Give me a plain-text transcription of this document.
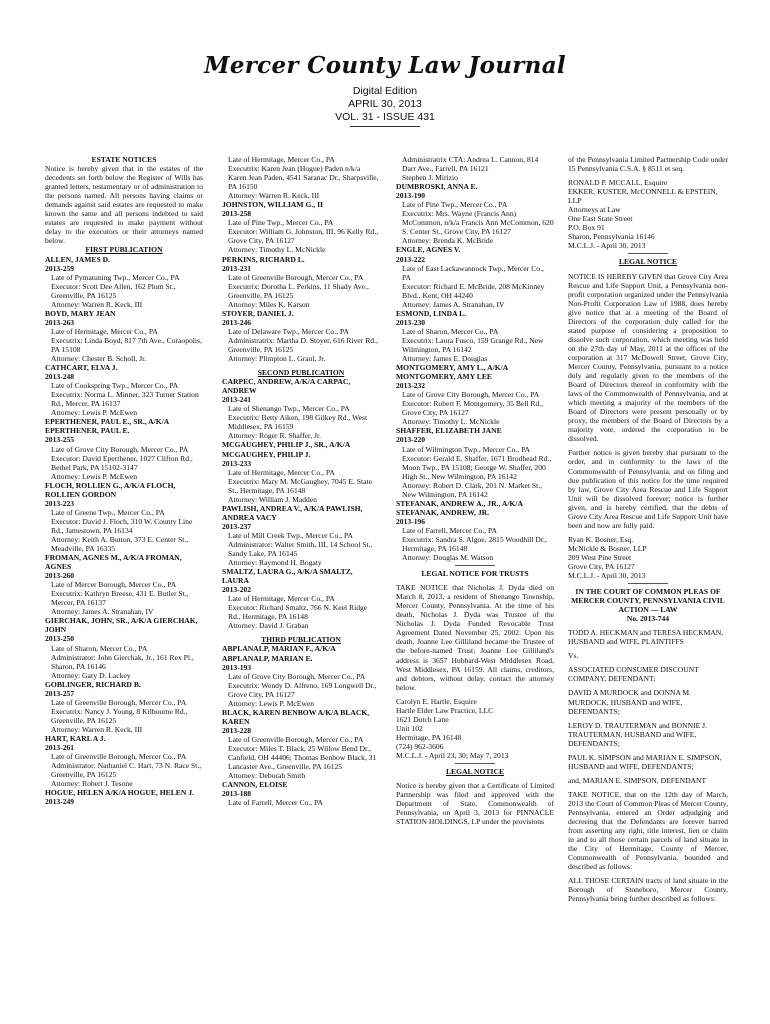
Mercer County Law Journal
Digital Edition
APRIL 30, 2013
VOL. 31 - ISSUE 431

ESTATE NOTICES

Notice is hereby given that in the estates of the decedents set forth below the Register of Wills has granted letters, testamentary or of administration to the persons named. All persons having claims or demands against said estates are requested to make known the same and all persons indebted to said estates are requested to make payment without delay to the executors or their attorneys named below.

FIRST PUBLICATION

ALLEN, JAMES D.

2013-259

Late of Pymatuning Twp., Mercer Co., PA

Executor: Scott Dee Allen, 162 Plum St., Greenville, PA 16125

Attorney: Warren R. Keck, III

BOYD, MARY JEAN

2013-263

Late of Hermitage, Mercer Co., PA

Executrix: Linda Boyd, 817 7th Ave., Coraopolis, PA 15108

Attorney: Chester B. Scholl, Jr.

CATHCART, ELVA J.

2013-248

Late of Cookspring Twp., Mercer Co., PA

Executrix: Norma L. Minner, 323 Turner Station Rd., Mercer, PA 16137

Attorney: Lewis P. McEwen

EPERTHENER, PAUL E., SR., A/K/A EPERTHENER, PAUL E.

2013-255

Late of Grove City Borough, Mercer Co., PA

Executor: David Eperthener, 1027 Clifton Rd., Bethel Park, PA 15102-3147

Attorney: Lewis P. McEwen

FLOCH, ROLLIEN G., A/K/A FLOCH, ROLLIEN GORDON

2013-223

Late of Greene Twp., Mercer Co., PA

Executor: David J. Floch, 310 W. County Line Rd., Jamestown, PA 16134

Attorney: Keith A. Button, 373 E. Center St., Meadville, PA 16335

FROMAN, AGNES M., A/K/A FROMAN, AGNES

2013-260

Late of Mercer Borough, Mercer Co., PA

Executrix: Kathryn Breese, 431 E. Butler St., Mercer, PA 16137

Attorney: James A. Stranahan, IV

GIERCHAK, JOHN, SR., A/K/A GIERCHAK, JOHN

2013-250

Late of Sharon, Mercer Co., PA

Administrator: John Gierchak, Jr., 161 Rex Pl., Sharon, PA 16146

Attorney: Gary D. Lackey

GOBLINGER, RICHARD B.

2013-257

Late of Greenville Borough, Mercer Co., PA

Executrix: Nancy J. Young, 8 Kilbourne Rd., Greenville, PA 16125

Attorney: Warren R. Keck, III

HART, KARL A J.

2013-261

Late of Greenville Borough, Mercer Co., PA

Administrator: Nathaniel C. Hart, 73 N. Race St., Greenville, PA 16125

Attorney: Robert J. Tesone

HOGUE, HELEN A/K/A HOGUE, HELEN J.

2013-249

Late of Hermitage, Mercer Co., PA

Executrix: Karen Jean (Hogue) Paden n/k/a Karen Jean Paden, 4541 Saranac Dr., Sharpsville, PA 16150

Attorney: Warren R. Keck, III

JOHNSTON, WILLIAM G., II

2013-258

Late of Pine Twp., Mercer Co., PA

Executor: William G. Johnston, III, 96 Kelly Rd., Grove City, PA 16127

Attorney: Timothy L. McNickle

PERKINS, RICHARD L.

2013-231

Late of Greenville Borough, Mercer Co., PA

Executrix: Dorotha L. Perkins, 11 Shady Ave., Greenville, PA 16125

Attorney: Miles K. Karson

STOYER, DANIEL J.

2013-246

Late of Delaware Twp., Mercer Co., PA

Administratrix: Martha D. Stoyer, 616 River Rd., Greenville, PA 16125

Attorney: Plimpton L. Graul, Jr.

SECOND PUBLICATION

CARPEC, ANDREW, A/K/A CARPAC, ANDREW

2013-241

Late of Shenango Twp., Mercer Co., PA

Executrix: Betty Aiken, 198 Gilkey Rd., West Middlesex, PA 16159

Attorney: Roger R. Shaffer, Jr.

MCGAUGHEY, PHILIP J., SR., A/K/A MCGAUGHEY, PHILIP J.

2013-233

Late of Hermitage, Mercer Co., PA

Executrix: Mary M. McGaughey, 7045 E. State St., Hermitage, PA 16148

Attorney: William J. Madden

PAWLISH, ANDREA V., A/K/A PAWLISH, ANDREA VACY

2013-237

Late of Mill Creek Twp., Mercer Co., PA

Administrator: Walter Smith, III, 14 School St., Sandy Lake, PA 16145

Attorney: Raymond H. Bogaty

SMALTZ, LAURA G., A/K/A SMALTZ, LAURA

2013-202

Late of Hermitage, Mercer Co., PA

Executor: Richard Smaltz, 766 N. Keel Ridge Rd., Hermitage, PA 16148

Attorney: David J. Graban

THIRD PUBLICATION

ABPLANALP, MARIAN F., A/K/A ABPLANALP, MARIAN E.

2013-193

Late of Grove City Borough, Mercer Co., PA

Executrix: Wendy D. Alfreno, 169 Longwell Dr., Grove City, PA 16127

Attorney: Lewis P. McEwen

BLACK, KAREN BENBOW A/K/A BLACK, KAREN

2013-228

Late of Greenville Borough, Mercer Co., PA

Executor: Miles T. Black, 25 Willow Bend Dr., Canfield, OH 44406; Thomas Benbow Black, 31 Lancaster Ave., Greenville, PA 16125

Attorney: Deborah Smith

CANNON, ELOISE

2013-188

Late of Farrell, Mercer Co., PA

Administratrix CTA: Andrea L. Cannon, 814 Darr Ave., Farrell, PA 16121

Stephen J. Mirizio

DUMBROSKI, ANNA E.

2013-190

Late of Pine Twp., Mercer Co., PA

Executrix: Mrs. Wayne (Francis Ann) McCommon, n/k/a Francis Ann McCommon, 620 S. Center St., Grove City, PA 16127

Attorney: Brenda K. McBride

ENGLE, AGNES V.

2013-222

Late of East Lackawannock Twp., Mercer Co., PA

Executor: Richard E. McBride, 208 McKinney Blvd., Kent, OH 44240

Attorney: James A. Stranahan, IV

ESMOND, LINDA L.

2013-230

Late of Sharon, Mercer Co., PA

Executrix: Laura Fusco, 159 Grange Rd., New Wilmington, PA 16142

Attorney: James E. Douglas

MONTGOMERY, AMY L., A/K/A MONTGOMERY, AMY LEE

2013-232

Late of Grove City Borough, Mercer Co., PA

Executor: Robert F. Montgomery, 35 Bell Rd., Grove City, PA 16127

Attorney: Timothy L. McNickle

SHAFFER, ELIZABETH JANE

2013-220

Late of Wilmington Twp., Mercer Co., PA

Executor: Gerald E. Shaffer, 1671 Brodhead Rd., Moon Twp., PA 15108; George W. Shaffer, 200 High St., New Wilmington, PA 16142

Attorney: Robert D. Clark, 201 N. Market St., New Wilmington, PA 16142

STEFANAK, ANDREW A., JR., A/K/A STEFANAK, ANDREW, JR.

2013-196

Late of Farrell, Mercer Co., PA

Executrix: Sandra S. Algoe, 2815 Woodhill Dr., Hermitage, PA 16148

Attorney: Douglas M. Watson

LEGAL NOTICE FOR TRUSTS

TAKE NOTICE that Nicholas J. Dyda died on March 8, 2013, a resident of Shenango Township, Mercer County, Pennsylvania. At the time of his death, Nicholas J. Dyda was Trustee of the Nicholas J. Dyda Funded Revocable Trust Agreement Dated November 25, 2002. Upon his death, Joanne Lee Gilliland became the Trustee of the before-named Trust; Joanne Lee Gilliland's address is 3657 Hubbard-West Middlesex Road, West Middlesex, PA 16159. All claims, creditors, and debtors, without delay, contact the attorney below.

Carolyn E. Hartle, Esquire

Hartle Elder Law Practice, LLC

1621 Dutch Lane

Unit 102

Hermitage, PA 16148

(724) 962-3606

M.C.L.J. - April 23, 30; May 7, 2013

LEGAL NOTICE

Notice is hereby given that a Certificate of Limited Partnership was filed and approved with the Department of State, Commonwealth of Pennsylvania, on April 3, 2013 for PINNACLE STATION HOLDINGS, LP under the provisions

of the Pennsylvania Limited Partnership Code under 15 Pennsylvania C.S.A. § 8511 et seq.

RONALD P. MCCALL, Esquire

EKKER, KUSTER, McCONNELL & EPSTEIN, LLP

Attorneys at Law

One East State Street

P.O. Box 91

Sharon, Pennsylvania 16146

M.C.L.J. - April 30, 2013

LEGAL NOTICE

NOTICE IS HEREBY GIVEN that Grove City Area Rescue and Life Support Unit, a Pennsylvania non-profit corporation organized under the Pennsylvania Non-Profit Corporation Law of 1988, does hereby give notice that at a meeting of the Board of Directors of the corporation duly called for the stated purpose of considering a proposition to dissolve such corporation, which meeting was held on the 27th day of May, 2011 at the offices of the corporation at 317 McDowell Street, Grove City, Mercer County, Pennsylvania, pursuant to a notice duly and regularly given to the members of the Board of Directors thereof in conformity with the laws of the Commonwealth of Pennsylvania, and at which meeting a majority of the members of the Board of Directors were present personally or by proxy, the members of the Board of Directors by a majority vote, ordered the corporation to be dissolved.

Further notice is given hereby that pursuant to the order, and in conformity to the laws of the Commonwealth of Pennsylvania, and on filing and due publication of this notice for the time required by law, Grove City Area Rescue and Life Support Unit will be dissolved forever; notice is further given, and is hereby certified, that the debts of Grove City Area Rescue and Life Support Unit have been and now are fully paid.

Ryan K. Bosner, Esq.

McNickle & Bosner, LLP

209 West Pine Street

Grove City, PA 16127

M.C.L.J. - April 30, 2013

IN THE COURT OF COMMON PLEAS OF MERCER COUNTY, PENNSYLVANIA CIVIL ACTION — LAW

No. 2013-744

TODD A. HECKMAN and TERESA HECKMAN, HUSBAND and WIFE, PLAINTIFFS

Vs.

ASSOCIATED CONSUMER DISCOUNT COMPANY, DEFENDANT;

DAVID A MURDOCK and DONNA M. MURDOCK, HUSBAND and WIFE, DEFENDANTS;

LEROY D. TRAUTERMAN and BONNIE J. TRAUTERMAN, HUSBAND and WIFE, DEFENDANTS;

PAUL K. SIMPSON and MARIAN E. SIMPSON, HUSBAND and WIFE, DEFENDANTS;

and, MARIAN E. SIMPSON, DEFENDANT

TAKE NOTICE, that on the 12th day of March, 2013 the Court of Common Pleas of Mercer County, Pennsylvania, entered an Order adjudging and decreeing that the Defendants are forever barred from asserting any right, title interest, lien or claim in and to all those certain parcels of land situate in the City of Hermitage, County of Mercer, Commonwealth of Pennsylvania, bounded and described as follows:

ALL THOSE CERTAIN tracts of land situate in the Borough of Stoneboro, Mercer County, Pennsylvania being further described as follows:
